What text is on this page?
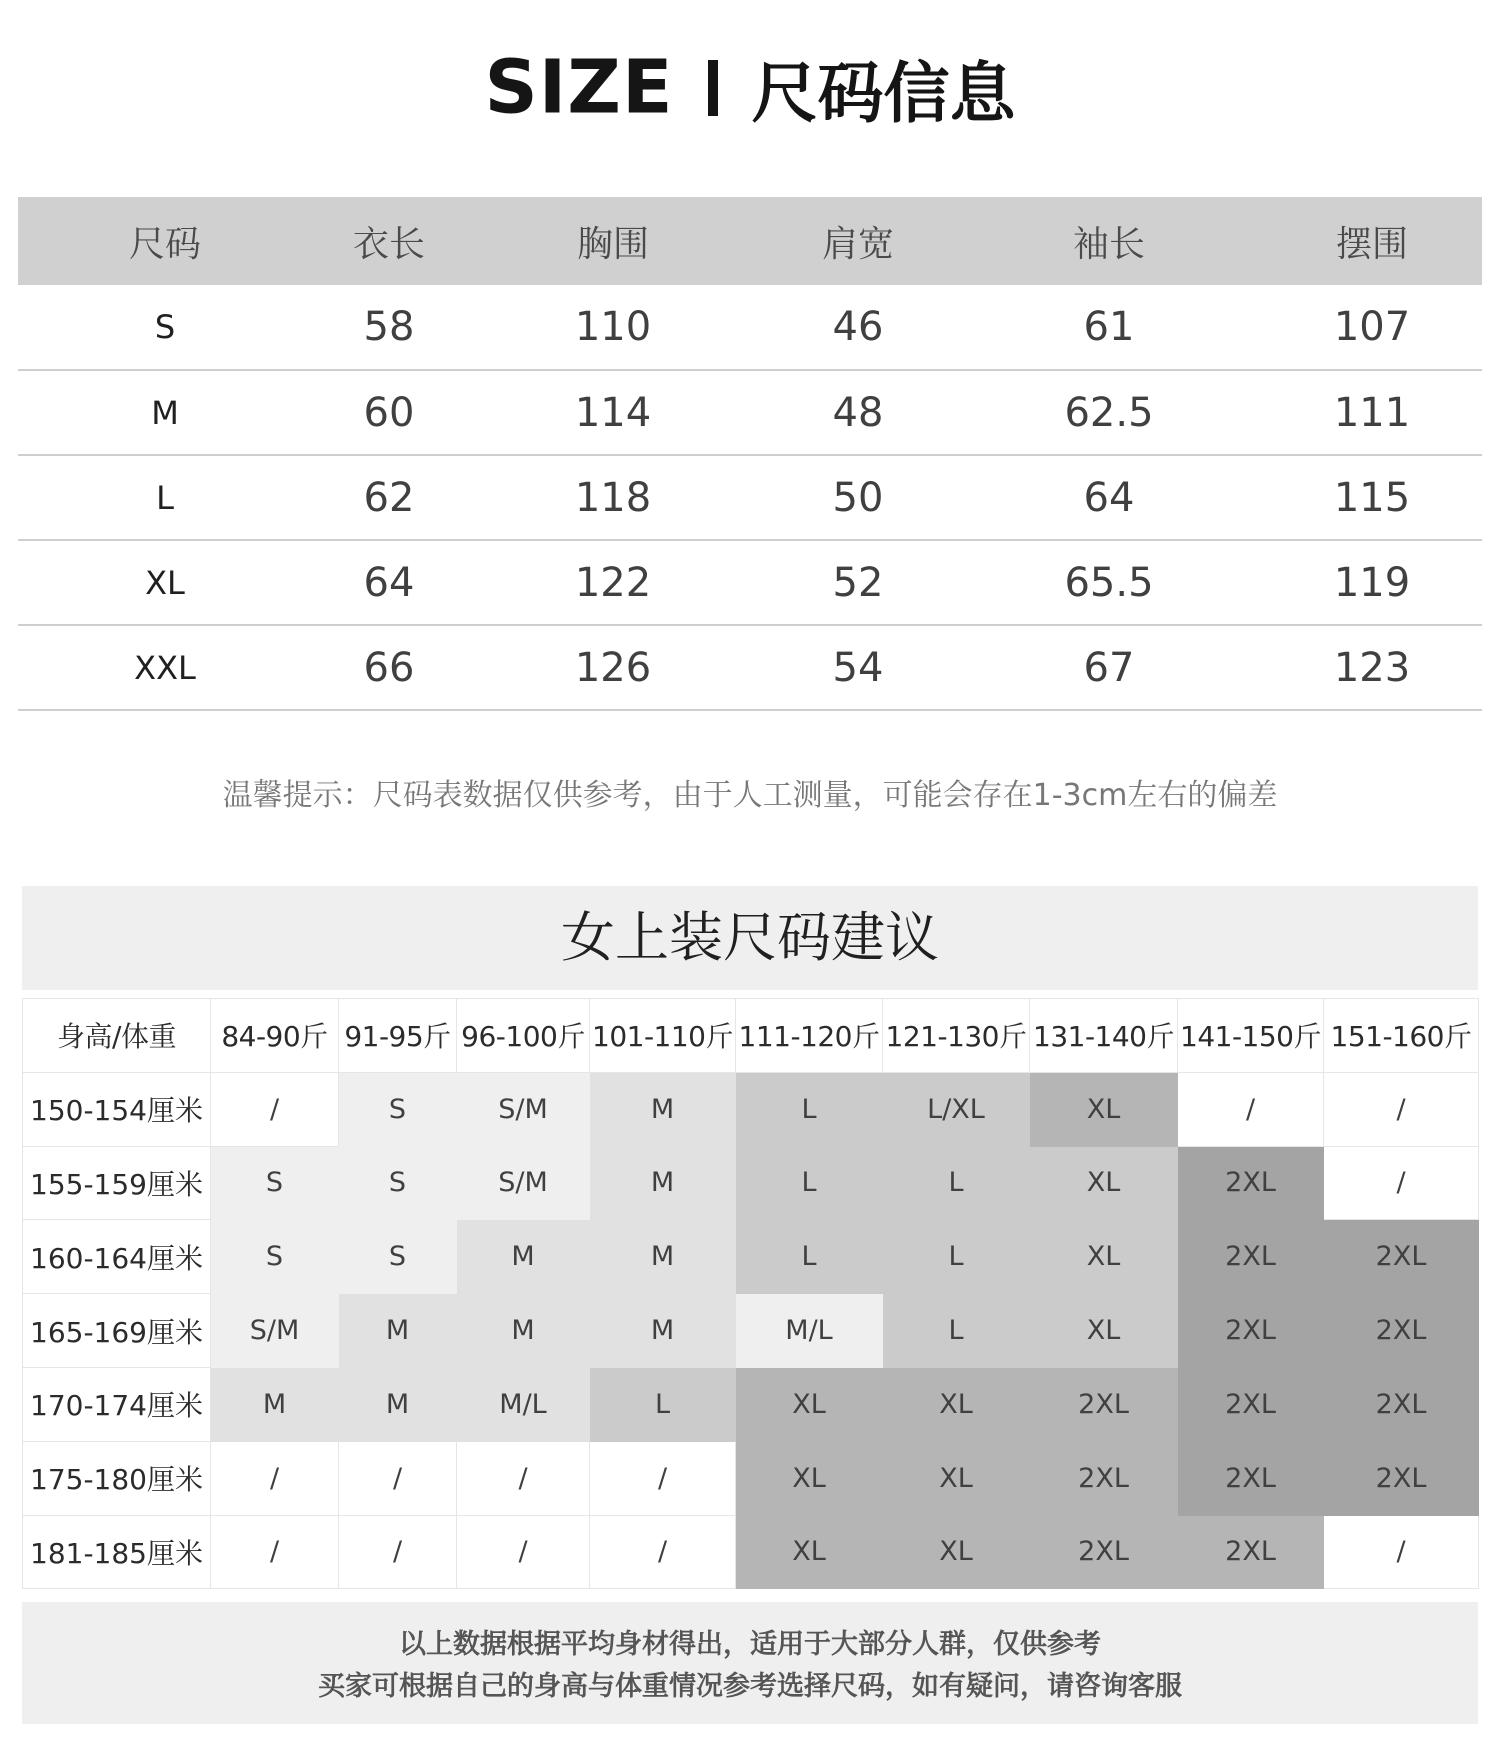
SIZE 尺码信息
尺码	衣长	胸围	肩宽	袖长	摆围
S	58	110	46	61	107
M	60	114	48	62.5	111
L	62	118	50	64	115
XL	64	122	52	65.5	119
XXL	66	126	54	67	123
温馨提示：尺码表数据仅供参考，由于人工测量，可能会存在1-3cm左右的偏差
女上装尺码建议
身高/体重	84-90斤	91-95斤	96-100斤	101-110斤	111-120斤	121-130斤	131-140斤	141-150斤	151-160斤
150-154厘米	/	S	S/M	M	L	L/XL	XL	/	/
155-159厘米	S	S	S/M	M	L	L	XL	2XL	/
160-164厘米	S	S	M	M	L	L	XL	2XL	2XL
165-169厘米	S/M	M	M	M	M/L	L	XL	2XL	2XL
170-174厘米	M	M	M/L	L	XL	XL	2XL	2XL	2XL
175-180厘米	/	/	/	/	XL	XL	2XL	2XL	2XL
181-185厘米	/	/	/	/	XL	XL	2XL	2XL	/
以上数据根据平均身材得出，适用于大部分人群，仅供参考
买家可根据自己的身高与体重情况参考选择尺码，如有疑问，请咨询客服
